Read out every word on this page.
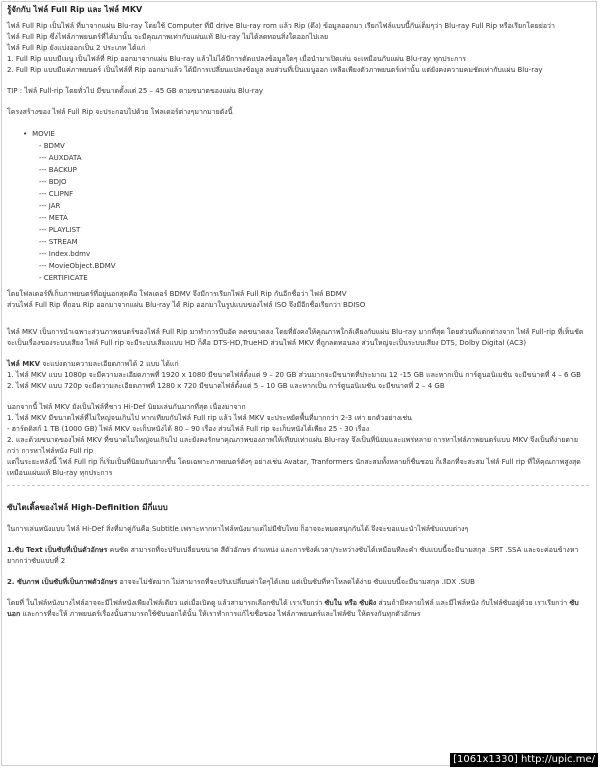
รู้จักกับ ไฟล์ Full Rip และ ไฟล์ MKV

ไฟล์ Full Rip เป็นไฟล์ ที่มาจากแผ่น Blu-ray โดยใช้ Computer ที่มี drive Blu-ray rom แล้ว Rip (ดึง) ข้อมูลออกมา เรียกไฟล์แบบนี้กันเต็มๆว่า Blu-ray Full Rip หรือเรียกโดยย่อว่า

ไฟล์ Full Rip ซึ่งไฟล์ภาพยนตร์ที่ได้มานั้น จะมีคุณภาพเท่ากับแผ่นแท้ Blu-ray ไม่ได้ลดทอนสิ่งใดออกไปเลย

ไฟล์ Full Rip ยังแบ่งออกเป็น 2 ประเภท ได้แก่

1. Full Rip แบบมีเมนู เป็นไฟล์ที่ Rip ออกมาจากแผ่น Blu-ray แล้วไม่ได้มีการดัดแปลงข้อมูลใดๆ เมื่อนำมาเปิดเล่น จะเหมือนกับแผ่น Blu-ray ทุกประการ

2. Full Rip แบบมีแค่ภาพยนตร์ เป็นไฟล์ที่ Rip ออกมาแล้ว ได้มีการเปลี่ยนแปลงข้อมูล ลบส่วนที่เป็นเมนูออก เหลือเพียงตัวภาพยนตร์เท่านั้น แต่ยังคงความคมชัดเท่ากับแผ่น Blu-ray

TIP : ไฟล์ Full-rip โดยทั่วไป มีขนาดตั้งแต่ 25 – 45 GB ตามขนาดของแผ่น Blu-ray

โครงสร้างของ ไฟล์ Full Rip จะประกอบไปด้วย โฟลเดอร์ต่างๆมากมายดังนี้

• MOVIE
- BDMV
--- AUXDATA
--- BACKUP
--- BDJO
--- CLIPNF
--- JAR
--- META
--- PLAYLIST
--- STREAM
--- Index.bdmv
--- MovieObject.BDMV
- CERTIFICATE

โดยโฟลเดอร์ที่เก็บภาพยนตร์ที่อยู่นอกสุดคือ โฟลเดอร์ BDMV จึงมีการเรียกไฟล์ Full Rip กันอีกชื่อว่า ไฟล์ BDMV

ส่วนไฟล์ Full Rip ที่ถอน Rip ออกมาจากแผ่น Blu-ray ได้ Rip ออกมาในรูปแบบของไฟล์ ISO จึงมีอีกชื่อเรียกว่า BDISO

ไฟล์ MKV เป็นการนำเฉพาะส่วนภาพยนตร์ของไฟล์ Full Rip มาทำการบีบอัด ลดขนาดลง โดยที่ยังคงให้คุณภาพใกล้เคียงกับแผ่น Blu-ray มากที่สุด โดยส่วนที่แตกต่างจาก ไฟล์ Full-rip ที่เห็นชัด จะเป็นเรื่องของระบบเสียง ไฟล์ Full rip จะมีระบบเสียงแบบ HD ก็คือ DTS-HD,TrueHD ส่วนไฟล์ MKV ที่ถูกลดทอนลง ส่วนใหญ่จะเป็นระบบเสียง DTS, Dolby Digital (AC3)

ไฟล์ MKV จะแบ่งตามความละเอียดภาพได้ 2 แบบ ได้แก่

1. ไฟล์ MKV แบบ 1080p จะมีความละเอียดภาพที่ 1920 x 1080 มีขนาดไฟล์ตั้งแต่ 9 – 20 GB ส่วนมากจะมีขนาดที่ประมาณ 12 -15 GB และหากเป็น การ์ตูนอนิเมชัน จะมีขนาดที่ 4 – 6 GB

2. ไฟล์ MKV แบบ 720p จะมีความละเอียดภาพที่ 1280 x 720 มีขนาดไฟล์ตั้งแต่ 5 – 10 GB และหากเป็น การ์ตูนอนิเมชัน จะมีขนาดที่ 2 – 4 GB

นอกจากนี้ ไฟล์ MKV ยังเป็นไฟล์ที่ชาว Hi-Def นิยมเล่นกันมากที่สุด เนื่องมาจาก

1. ไฟล์ MKV มีขนาดไฟล์ที่ไม่ใหญ่จนเกินไป หากเทียบกับไฟล์ Full rip แล้ว ไฟล์ MKV จะประหยัดพื้นที่มากกว่า 2-3 เท่า ยกตัวอย่างเช่น

- ฮาร์ดดิสก์ 1 TB (1000 GB) ไฟล์ MKV จะเก็บหนังได้ 80 – 90 เรื่อง ส่วนไฟล์ Full rip จะเก็บหนังได้เพียง 25 - 30 เรื่อง

2. และด้วยขนาดของไฟล์ MKV ที่ขนาดไม่ใหญ่จนเกินไป และยังคงรักษาคุณภาพของภาพให้เทียบเท่าแผ่น Blu-ray จึงเป็นที่นิยมและแพร่หลาย การหาไฟล์ภาพยนตร์แบบ MKV จึงเป็นที่ง่ายดายกว่า การหาไฟล์หนัง Full rip

แต่ในระยะหลังนี้ ไฟล์ Full rip ก็เริ่มเป็นที่นิยมกันมากขึ้น โดยเฉพาะภาพยนตร์ดังๆ อย่างเช่น Avatar, Tranformers นักสะสมทั้งหลายก็ชื่นชอบ ก็เลือกที่จะสะสม ไฟล์ Full rip ที่ให้คุณภาพสูงสุดเหมือนแผ่นแท้ Blu-ray ทุกประการ

ซับไตเติ้ลของไฟล์ High-Definition มีกี่แบบ

ในการเล่นหนังแบบ ไฟล์ Hi-Def สิ่งที่มาคู่กันคือ Subtitle เพราะหากหาไฟล์หนังมาแต่ไม่มีซับไทย ก็อาจจะหมดสนุกกันได้ จึงจะขอแนะนำไฟล์ซับแบบต่างๆ

1.ซับ Text เป็นซับที่เป็นตัวอักษร คนซัด สามารถที่จะปรับเปลี่ยนขนาด สีตัวอักษร ตำแหน่ง และการซิงค์เวลา/ระหว่างซับได้เหมือนทีละคำ ซับแบบนี้จะมีนามสกุล .SRT .SSA และจะค่อนข้างหายากกว่าซับแบบที่ 2

2. ซับภาพ เป็นซับที่เป็นภาพตัวอักษร อาจจะไม่ชัดมาก ไม่สามารถที่จะปรับเปลี่ยนค่าใดๆได้เลย แต่เป็นซับที่หาโหลดได้ง่าย ซับแบบนี้จะมีนามสกุล .IDX .SUB

โดยที่ ในไฟล์หนังบางไฟล์อาจจะมีไฟล์หนังเพียงไฟล์เดียว แต่เมื่อเปิดดู แล้วสามารถเลือกซับได้ เราเรียกว่า ซับใน หรือ ซับฝัง ส่วนถ้ามีหลายไฟล์ และมีไฟล์หนัง กับไฟล์ซับอยู่ด้วย เราเรียกว่า ซับนอก และการที่จะให้ ภาพยนตร์เรื่องนั้นสามารถใช้ซับนอกได้นั้น ให้เราทำการแก้ไขชื่อของ ไฟล์ภาพยนตร์และไฟล์ซับ ให้ตรงกันทุกตัวอักษร

[1061x1330] http://upic.me/
